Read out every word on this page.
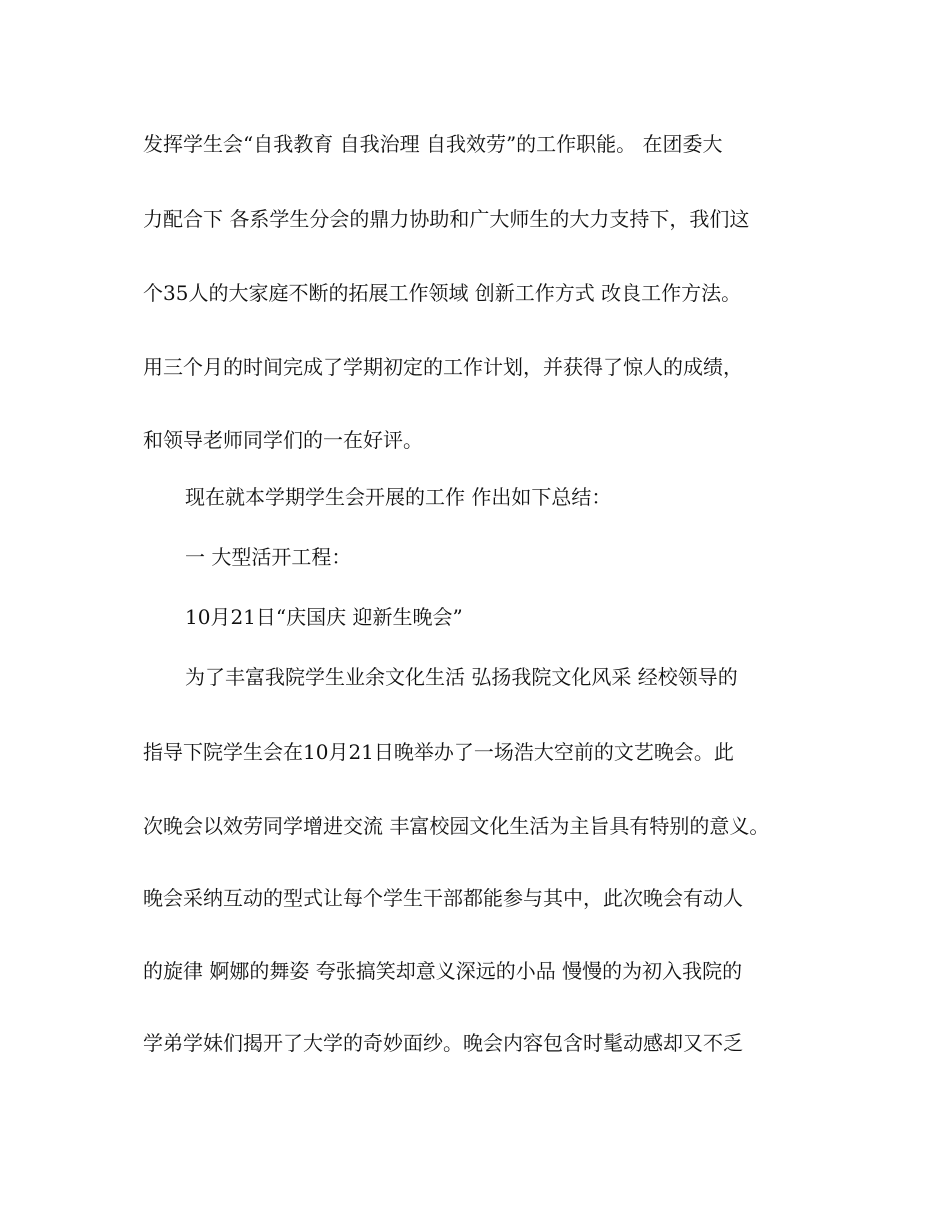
发挥学生会“自我教育 自我治理 自我效劳”的工作职能。 在团委大

力配合下 各系学生分会的鼎力协助和广大师生的大力支持下，我们这

个35人的大家庭不断的拓展工作领域 创新工作方式 改良工作方法。

用三个月的时间完成了学期初定的工作计划，并获得了惊人的成绩，

和领导老师同学们的一在好评。

现在就本学期学生会开展的工作 作出如下总结：

一 大型活开工程：

10月21日“庆国庆 迎新生晚会”

为了丰富我院学生业余文化生活 弘扬我院文化风采 经校领导的

指导下院学生会在10月21日晚举办了一场浩大空前的文艺晚会。此

次晚会以效劳同学增进交流 丰富校园文化生活为主旨具有特别的意义。

晚会采纳互动的型式让每个学生干部都能参与其中，此次晚会有动人

的旋律 婀娜的舞姿 夸张搞笑却意义深远的小品 慢慢的为初入我院的

学弟学妹们揭开了大学的奇妙面纱。晚会内容包含时髦动感却又不乏
